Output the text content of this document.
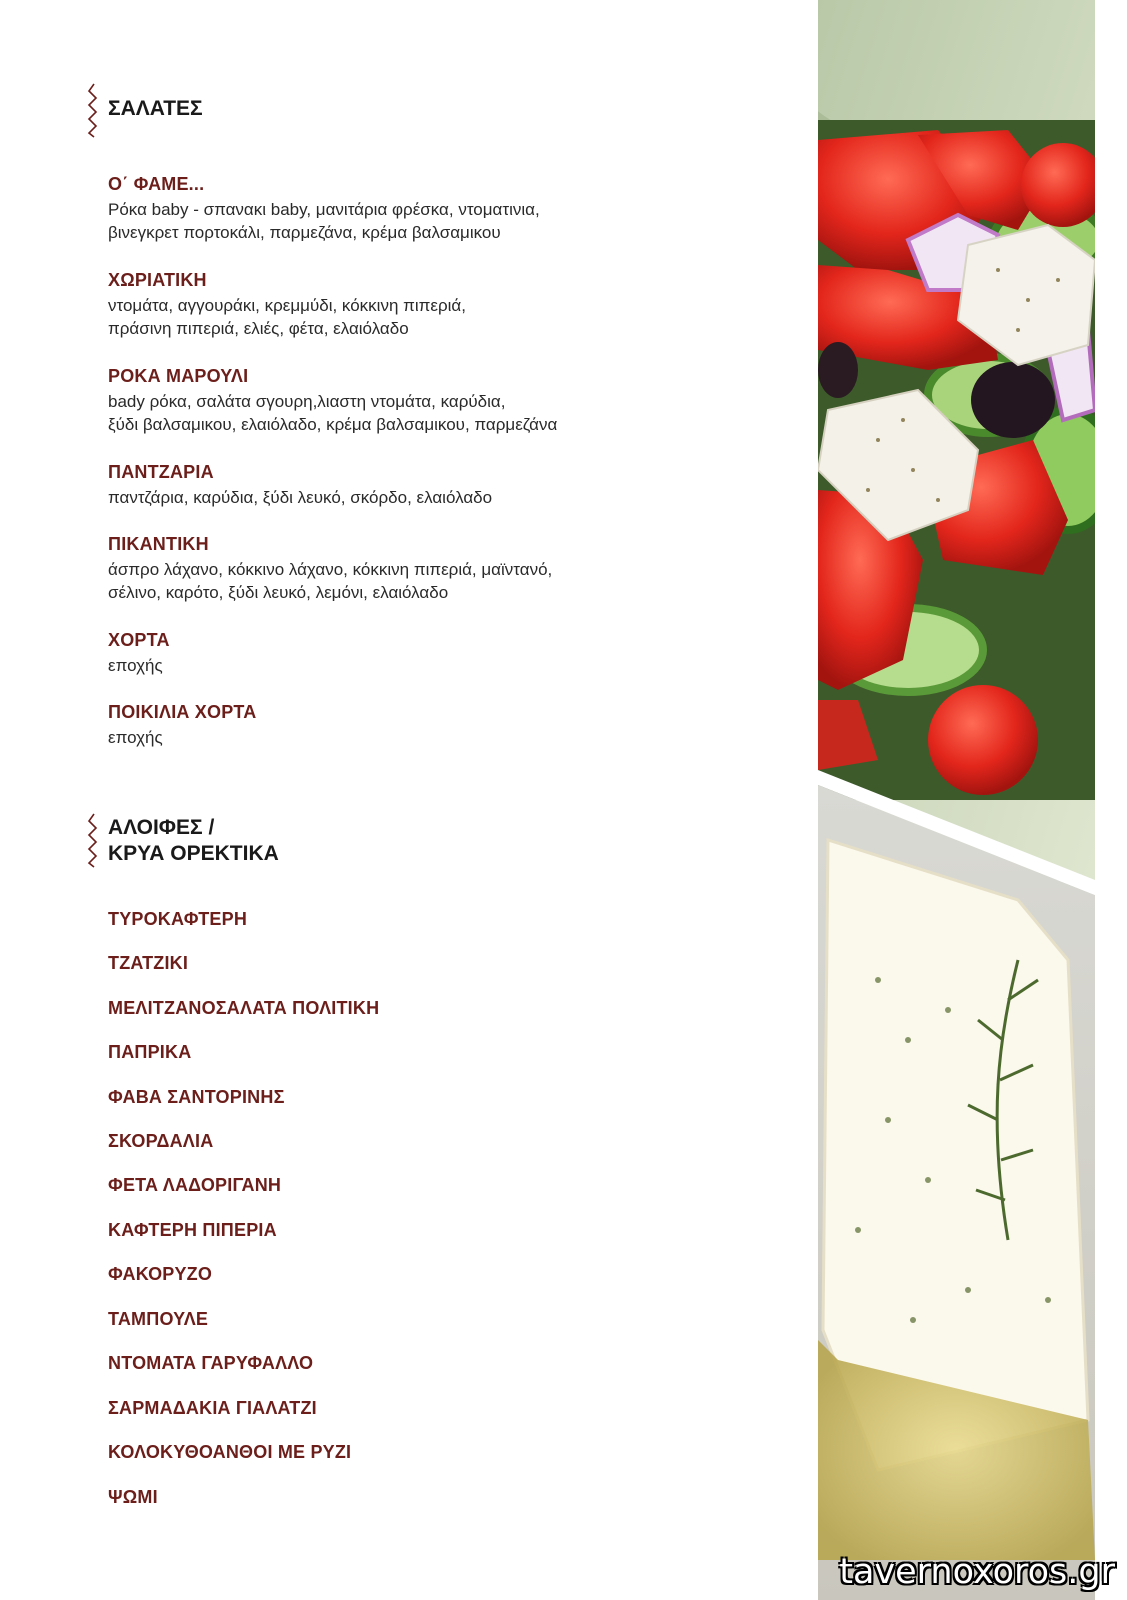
ΣΑΛΑΤΕΣ
Ο΄ ΦΑΜΕ...
Ρόκα baby - σπανακι baby, μανιτάρια φρέσκα, ντοματινια,
βινεγκρετ πορτοκάλι, παρμεζάνα, κρέμα βαλσαμικου
ΧΩΡΙΑΤΙΚΗ
ντομάτα, αγγουράκι, κρεμμύδι, κόκκινη πιπεριά,
πράσινη πιπεριά, ελιές, φέτα, ελαιόλαδο
ΡΟΚΑ ΜΑΡΟΥΛΙ
bady ρόκα, σαλάτα σγουρη,λιαστη ντομάτα, καρύδια,
ξύδι βαλσαμικου, ελαιόλαδο, κρέμα βαλσαμικου, παρμεζάνα
ΠΑΝΤΖΑΡΙΑ
παντζάρια, καρύδια, ξύδι λευκό, σκόρδο, ελαιόλαδο
ΠΙΚΑΝΤΙΚΗ
άσπρο λάχανο, κόκκινο λάχανο, κόκκινη πιπεριά, μαϊντανό,
σέλινο, καρότο, ξύδι λευκό, λεμόνι, ελαιόλαδο
ΧΟΡΤΑ
εποχής
ΠΟΙΚΙΛΙΑ ΧΟΡΤΑ
εποχής
ΑΛΟΙΦΕΣ /
ΚΡΥΑ ΟΡΕΚΤΙΚΑ
ΤΥΡΟΚΑΦΤΕΡΗ
ΤΖΑΤΖΙΚΙ
ΜΕΛΙΤΖΑΝΟΣΑΛΑΤΑ ΠΟΛΙΤΙΚΗ
ΠΑΠΡΙΚΑ
ΦΑΒΑ ΣΑΝΤΟΡΙΝΗΣ
ΣΚΟΡΔΑΛΙΑ
ΦΕΤΑ ΛΑΔΟΡΙΓΑΝΗ
ΚΑΦΤΕΡΗ ΠΙΠΕΡΙΑ
ΦΑΚΟΡΥΖΟ
ΤΑΜΠΟΥΛΕ
ΝΤΟΜΑΤΑ ΓΑΡΥΦΑΛΛΟ
ΣΑΡΜΑΔΑΚΙΑ ΓΙΑΛΑΤΖΙ
ΚΟΛΟΚΥΘΟΑΝΘΟΙ ΜΕ ΡΥΖΙ
ΨΩΜΙ
tavernoxoros.gr
